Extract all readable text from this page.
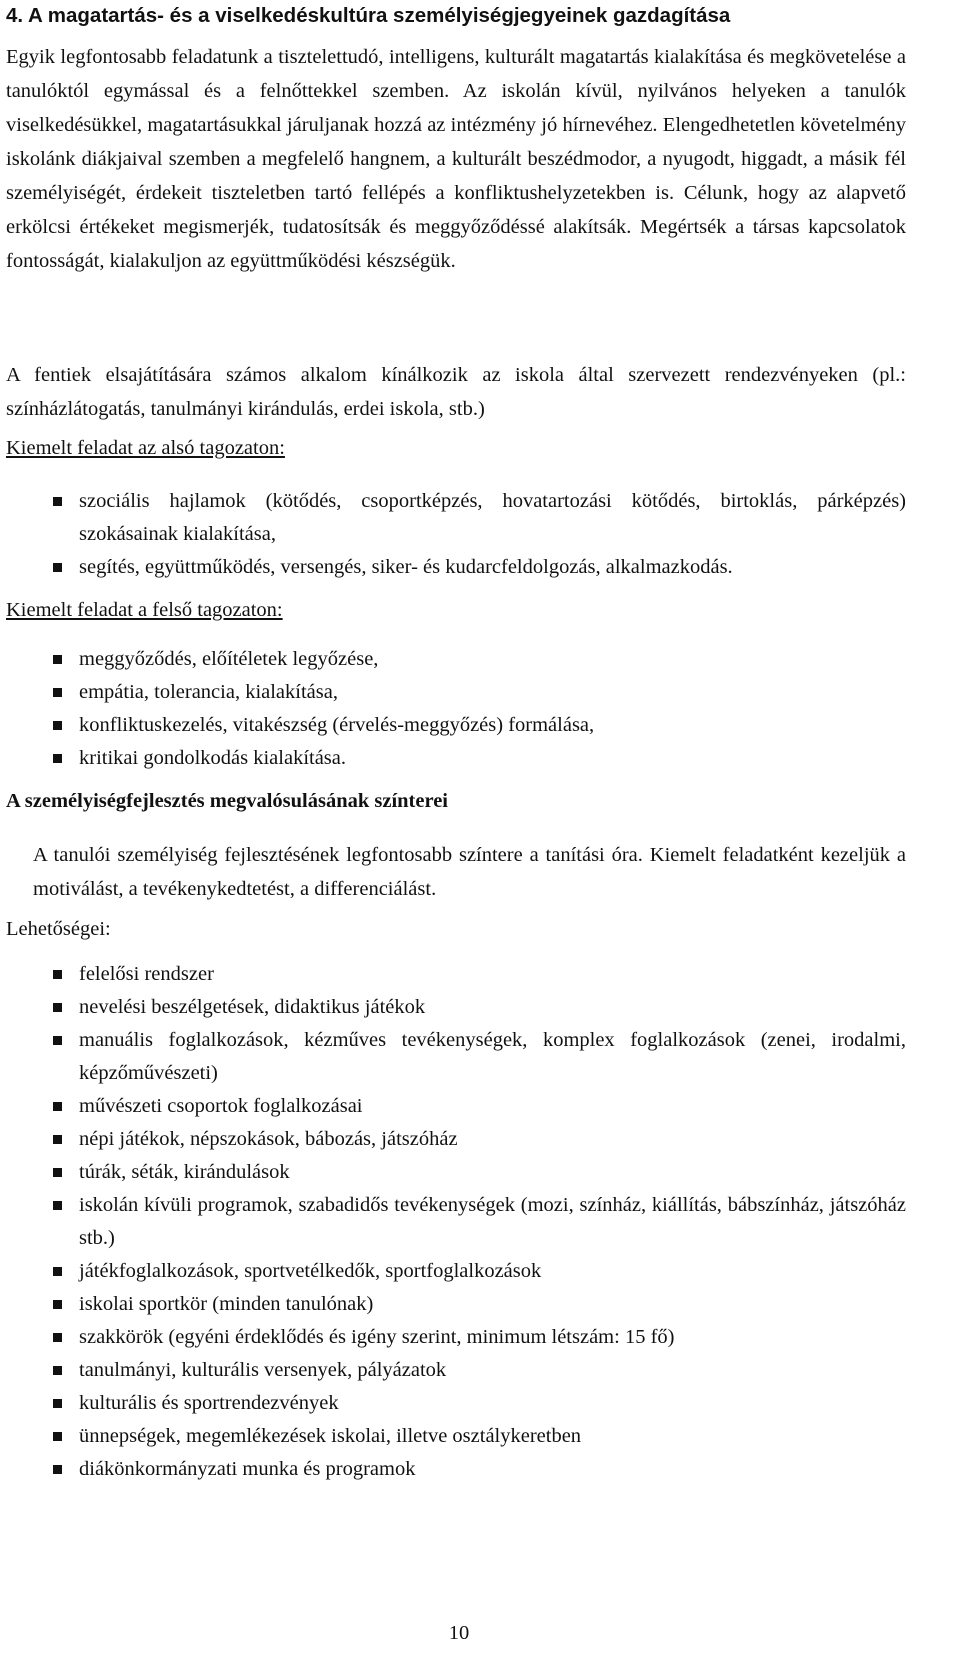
4. A magatartás- és a viselkedéskultúra személyiségjegyeinek gazdagítása

Egyik legfontosabb feladatunk a tisztelettudó, intelligens, kulturált magatartás kialakítása és megkövetelése a tanulóktól egymással és a felnőttekkel szemben. Az iskolán kívül, nyilvános helyeken a tanulók viselkedésükkel, magatartásukkal járuljanak hozzá az intézmény jó hírnevéhez. Elengedhetetlen követelmény iskolánk diákjaival szemben a megfelelő hangnem, a kulturált beszédmodor, a nyugodt, higgadt, a másik fél személyiségét, érdekeit tiszteletben tartó fellépés a konfliktushelyzetekben is. Célunk, hogy az alapvető erkölcsi értékeket megismerjék, tudatosítsák és meggyőződéssé alakítsák. Megértsék a társas kapcsolatok fontosságát, kialakuljon az együttműködési készségük.

A fentiek elsajátítására számos alkalom kínálkozik az iskola által szervezett rendezvényeken (pl.: színházlátogatás, tanulmányi kirándulás, erdei iskola, stb.)

Kiemelt feladat az alsó tagozaton:

szociális hajlamok (kötődés, csoportképzés, hovatartozási kötődés, birtoklás, párképzés) szokásainak kialakítása,
segítés, együttműködés, versengés, siker- és kudarcfeldolgozás, alkalmazkodás.

Kiemelt feladat a felső tagozaton:

meggyőződés, előítéletek legyőzése,
empátia, tolerancia, kialakítása,
konfliktuskezelés, vitakészség (érvelés-meggyőzés) formálása,
kritikai gondolkodás kialakítása.
A személyiségfejlesztés megvalósulásának színterei

A tanulói személyiség fejlesztésének legfontosabb színtere a tanítási óra. Kiemelt feladatként kezeljük a motiválást, a tevékenykedtetést, a differenciálást.

Lehetőségei:

felelősi rendszer
nevelési beszélgetések, didaktikus játékok
manuális foglalkozások, kézműves tevékenységek, komplex foglalkozások (zenei, irodalmi, képzőművészeti)
művészeti csoportok foglalkozásai
népi játékok, népszokások, bábozás, játszóház
túrák, séták, kirándulások
iskolán kívüli programok, szabadidős tevékenységek (mozi, színház, kiállítás, bábszínház, játszóház stb.)
játékfoglalkozások, sportvetélkedők, sportfoglalkozások
iskolai sportkör (minden tanulónak)
szakkörök (egyéni érdeklődés és igény szerint, minimum létszám: 15 fő)
tanulmányi, kulturális versenyek, pályázatok
kulturális és sportrendezvények
ünnepségek, megemlékezések iskolai, illetve osztálykeretben
diákönkormányzati munka és programok
10
